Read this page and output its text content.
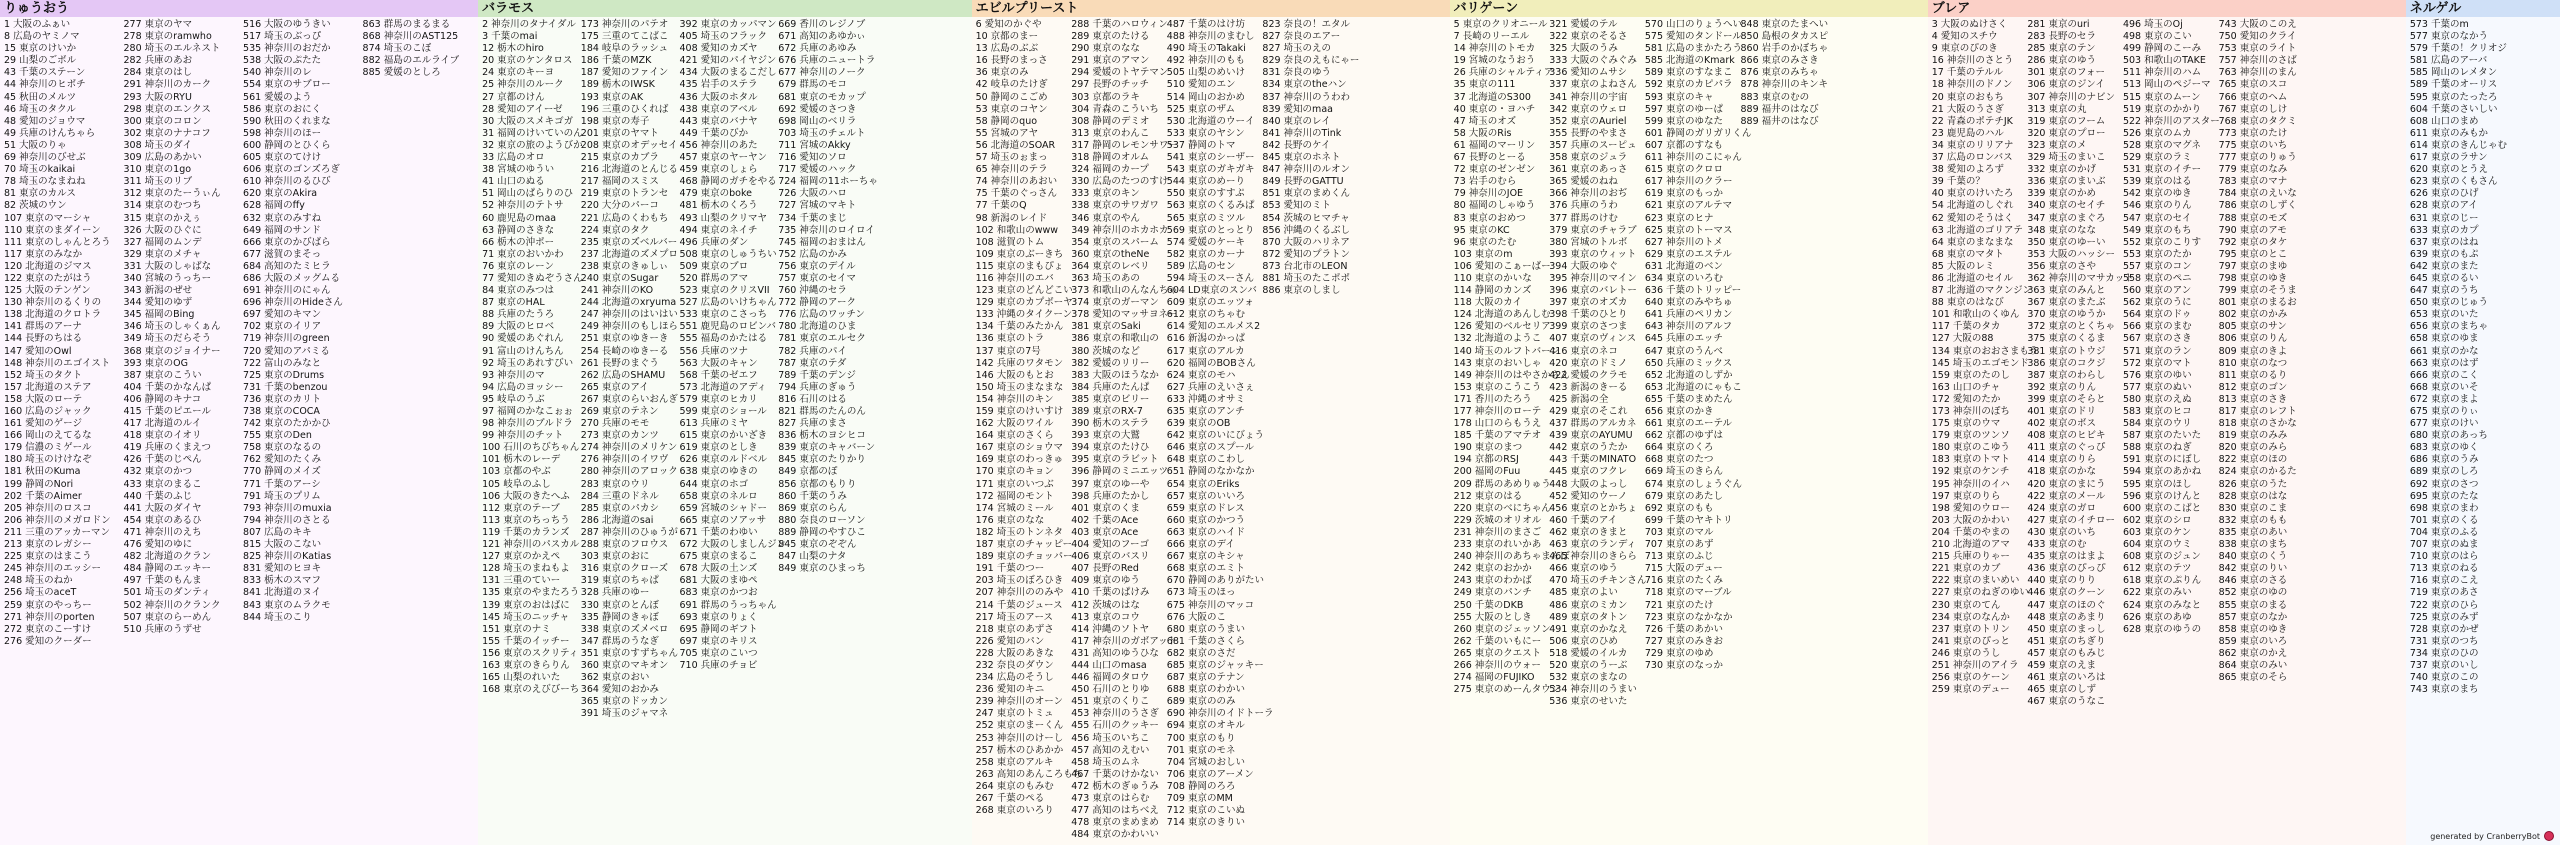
りゅうおう
1 大阪のふぁい
8 広島のヤミノマ
15 東京のけいか
29 山梨のごボル
43 千葉のステーン
44 神奈川のヒボチ
45 秋田のメルツ
46 埼玉のタクル
48 愛知のジョウマ
49 兵庫のけんちゃら
51 大阪のりゃ
69 神奈川のびせぶ
70 埼玉のkaikai
78 埼玉のなまねね
81 東京のカルス
82 茨城のウン
107 東京のマーシャ
110 東京のまダイーン
111 東京のしゃんとろう
117 東京のみなか
120 北海道のジマス
122 東京のたがはう
125 大阪のテンゲン
130 神奈川のるくりの
138 北海道のクロトラ
141 群馬のアーナ
144 長野のちはる
147 愛知のOwl
148 神奈川のエゴイスト
152 埼玉のタクト
157 北海道のステア
158 大阪のローテ
160 広島のジャック
161 愛知のゲージ
166 岡山のえてるな
179 信濃のミゲール
180 埼玉のけけなぞ
181 秋田のKuma
199 静岡のNori
202 千葉のAimer
205 神奈川のロスコ
206 神奈川のメガロドン
211 三重のアッカーマン
213 東京のレガシー
225 東京のはまこう
245 神奈川のエッシー
248 埼玉のねか
256 埼玉のaceT
259 東京のやっちー
271 神奈川のporten
272 東京のこーすけ
276 愛知のクーダー
277 東京のヤマ
278 東京のramwho
280 埼玉のエルネスト
282 兵庫のあお
284 東京のはし
291 神奈川のカーク
293 大阪のRYU
298 東京のエンクス
300 東京のコロン
302 東京のナナコフ
308 埼玉のダイ
309 広島のあかい
310 東京の1go
311 埼玉のリブ
312 東京のたーうぃん
314 東京のむつち
315 東京のかえぅ
326 大阪のひぐに
327 福岡のムンデ
329 東京のメチャ
331 大阪のしゃばな
340 宮城のうっちー
343 新潟のぜせ
344 愛知のゆず
345 福岡のBing
346 埼玉のしゃくぁん
349 埼玉のだらそう
368 東京のジョイナー
393 東京のOG
387 東京のこうい
404 千葉のかなんぱ
406 静岡のキナコ
415 千葉のピエール
417 北海道のルイ
418 東京のイオリ
419 兵庫のくまえつ
426 千葉のじぺん
432 東京のかつ
433 東京のまるこ
440 千葉のふじ
441 大阪のダイヤ
454 東京のあるひ
471 神奈川のえち
476 愛知のゆに
482 北海道のクラン
484 静岡のエッキー
497 千葉のもんま
501 埼玉のダンティ
502 神奈川のクランク
507 東京のらーめん
510 兵庫のうずせ
516 大阪のゆうきい
517 埼玉のぶっぴ
535 神奈川のおだか
538 大阪のぷたた
540 神奈川のレ
554 東京のサブロー
561 愛媛のよう
586 東京のおにく
590 秋田のくれまな
598 神奈川のほー
600 静岡のとひくら
605 東京のてけけ
606 東京のゴンズろぎ
610 神奈川のるひび
620 東京のAkira
628 福岡のffy
632 東京のみすね
649 福岡のサンド
666 東京のかびばら
677 滋賀のまそっ
684 高知のたミヒラ
686 大阪のメッグムる
691 神奈川のにゃん
696 神奈川のHideさん
697 愛知のキマン
702 東京のイリア
719 神奈川のgreen
720 愛知のアパミる
722 富山のみなと
725 東京のDrums
731 千葉のbenzou
736 東京のカリト
738 東京のCOCA
742 東京のたかかひ
755 東京のDen
758 東京のなるの
762 愛知のたくみ
770 静岡のメイズ
771 千葉のアーシ
791 埼玉のプリム
793 神奈川のmuxia
794 神奈川のさとる
807 広島のキキ
815 大阪のこない
825 神奈川のKatias
831 愛知のヒヨキ
833 栃木のスマフ
841 北海道のヌイ
843 東京のムラクモ
844 埼玉のこり
863 群馬のまるまる
868 神奈川のAST125
874 埼玉のこぼ
882 福島のエルライブ
885 愛媛のとしろ
バラモス
2 神奈川のタナイダル
3 千葉のmai
12 栃木のhiro
20 東京のケンタロス
24 東京のキーヨ
25 神奈川のルーク
27 京都のけん
28 愛知のアイーゼ
30 大阪のスメキゴガ
31 福岡のけいていのん
32 東京の旅のようびか
33 広島のオロ
38 宮城のゆうい
41 山口のぬる
51 岡山のぱらりのひ
52 神奈川のテトサ
60 鹿児島のmaa
63 静岡のさきな
66 栃木の沖ポー
71 東京のおいかわ
76 東京のレーン
77 愛知のきぬぞうさん
84 東京のみつは
87 東京のHAL
88 兵庫のたうろ
89 大阪のヒロベ
90 愛媛のあぐれん
91 富山のけんちん
92 埼玉のあれすびい
93 神奈川のマ
94 広島のヨッシー
95 岐阜のうぶ
97 福岡のかなこぉぉ
98 神奈川のブルドラ
99 神奈川のチット
100 石川のちびちゃん
101 栃木のレーデ
103 京都のやぶ
105 岐阜のふし
106 大阪のきたへふ
112 東京のテーブ
113 東京のちっちう
119 千葉のカランズ
121 神奈川のパスカル
127 東京のかえぺ
128 埼玉のまねもよ
131 三重のていー
135 東京のやまたろう
139 東京のおはばに
145 埼玉のニッチャ
151 東京のナミ
155 千葉のイッチー
156 東京のスクリティ
163 東京のきらりん
165 山梨のれいた
168 東京のえびびーち
173 神奈川のパテオ
175 三重のてこばこ
184 岐阜のラッシュ
186 千葉のMZK
187 愛知のファイン
189 栃木のIWSK
193 東京のAK
196 三重のひくれば
198 東京の寿子
201 東京のヤマト
208 東京のオデッセイ
215 東京のカブラ
216 北海道のとんじる
217 福岡のスミス
219 東京のトランセ
220 大分のパーコ
221 広島のくわもち
224 東京のタク
235 東京のズベルバー
237 北海道のズメプロ
238 東京のきゅしぃ
240 東京のSugar
241 神奈川のKO
244 北海道のxryuma
247 神奈川のはいはい
249 神奈川のもしほら
251 東京のゆきーき
254 長崎のゆきーる
261 長野のまぐう
262 広島のSHAMU
265 東京のアイ
267 東京のらいおんぎ
269 東京のテネン
270 兵庫のモモ
273 東京のカンツ
274 神奈川のメリケン
276 神奈川のイワヴ
280 神奈川のアロック
283 東京のウリ
284 三重のドネル
285 東京のパカシ
286 北海道のsai
287 神奈川のひゅうが
288 東京のフロウス
303 東京のおに
316 東京のクローズ
319 東京のちゃぱ
328 兵庫のゆー
330 東京のとんぼ
335 静岡のきゃぼ
338 東京のズメベロ
347 群馬のうなぎ
351 東京のすずちゃん
360 東京のマキオン
362 東京のおい
364 愛知のおかみ
365 東京のドッカン
391 埼玉のジャマネ
392 東京のカッパマン
405 埼玉のフラック
408 愛知のカズヤ
421 愛知のパイヤジン
434 大阪のまるこだし
435 岩手のステラ
436 大阪のホタル
438 東京のアベル
443 東京のバナヤ
449 千葉のびか
456 神奈川のあた
457 東京のヤーヤン
459 東京のしょら
468 静岡のガチをやる
479 東京のboke
481 栃木のくろう
493 山梨のクリマヤ
494 東京のネイチ
496 兵庫のダン
508 東京のしゅうちい
509 東京のブロ
520 群馬のアマ
523 東京のクリスVII
527 広島のいけちゃん
533 東京のこさっち
551 鹿児島のロビンバ
555 福島のかたはる
556 兵庫のツナ
563 大阪のキャン
568 千葉のゼエフ
573 北海道のアディ
579 東京のヒカリ
599 東京のショール
613 兵庫のミヤ
615 東京のかいざき
619 東京のとしき
626 東京のルドベル
638 東京のゆきの
644 東京のホゴ
658 東京のネルロ
659 宮城のシャドー
665 東京のソアッサ
671 千葉のわゆい
672 大阪のしましんジン
675 東京のまるこ
678 大阪の土ンズ
681 大阪のまゆぺ
683 東京のかつお
691 群馬のうっちゃん
693 東京のりょく
695 静岡のギフト
697 東京のキリス
705 東京のこいつ
710 兵庫のチョビ
669 香川のレジノブ
671 高知のあゆかぃ
672 兵庫のあゆみ
676 兵庫のニュートラ
677 神奈川のノーク
679 群馬のモコ
681 東京のモカップ
692 愛媛のさつき
698 岡山のベリラ
703 埼玉のチェルト
711 宮城のAkky
716 愛知のソロ
717 愛媛のハック
724 福岡の11ホーちゃ
726 大阪のハロ
727 宮城のマキト
734 千葉のまじ
735 神奈川のロイロイ
745 福岡のおまはん
752 広島のかみ
756 東京のデイル
757 東京のセイマ
760 沖縄のセラ
772 静岡のアーク
776 広島のワッチン
780 北海道のひま
781 東京のエルセク
782 兵庫のパイ
787 東京のテダ
789 千葉のデンジ
794 兵庫のぎゅう
816 石川のはる
821 群馬のたんのん
827 兵庫のまさ
836 栃木のヨシヒコ
839 東京のキャバーン
845 東京のたりかり
849 京都のぽ
856 京都のもりり
860 千葉のうみ
869 東京のらん
880 奈良のローソン
889 静岡のやすひこ
845 東京のぞぞん
847 山梨のナタ
849 東京のひまっち
エビルプリースト
6 愛知のかぐや
10 京都のまー
13 広島のぶぶ
16 長野のまっさ
36 東京のみ
42 岐阜のたけぎ
50 静岡のこごめ
53 東京のコヤン
58 静岡のquo
55 宮城のアヤ
56 北海道のSOAR
57 埼玉のぉまっ
65 神奈川のテラ
74 神奈川のあおい
75 千葉のぐっさん
77 千葉のQ
98 新潟のレイド
102 和歌山のwww
108 滋賀のトム
109 東京のぶーきち
115 東京のまもぴょ
116 神奈川のエバ
123 東京のどんどこい
129 東京のカプボーヤ
133 沖縄のタイクーン
134 千葉のみたかん
136 東京のトラ
137 東京の7号
142 兵庫のワタモン
146 大阪のもとお
150 埼玉のまなまな
154 神奈川のキン
159 東京のけいすけ
162 大阪のワイル
164 東京のさくら
167 東京のショウマ
169 東京のわっきゅ
170 東京のキョン
171 東京のいつぶ
172 福岡のモント
174 宮城のミール
176 東京のなな
182 埼玉のトンネタ
187 東京のチャッピー
189 東京のチョッパー
191 千葉のつー
203 埼玉のぼろひき
207 神奈川ののみや
214 千葉のジュース
217 埼玉のアース
218 東京のあずさ
226 愛知のパン
228 大阪のあきな
232 奈良のダウン
234 広島のそうし
236 愛知のキニ
239 神奈川のオーン
247 東京のトミュ
252 東京のまーくん
253 神奈川のけーし
257 栃木のひあかか
258 東京のアルキ
263 高知のあんころもち
264 東京のもみむ
267 千葉のぺる
268 東京のいろり
288 千葉のハロウィン
289 東京のたける
290 東京のなな
291 東京のアマン
294 愛媛のトヤテマン
297 長野のチッチ
303 京都のラキ
304 青森のこういち
308 静岡のデミオ
313 東京のわんこ
317 静岡のレモンサワー
318 静岡のオルム
324 福岡のカープ
330 広島のたつのすけ
333 東京のキン
338 東京のサワガワ
346 東京のやん
349 神奈川のホカホカ
354 東京のスパーム
360 東京のtheNe
364 東京のレベリ
363 埼玉のあの
373 和歌山のんなんちゃ
374 東京のガーマン
378 愛知のマッサヨネー
381 東京のSaki
386 東京の和歌山の
380 茨城のなど
382 愛媛のリリー
383 大阪のほうなか
384 兵庫のたんぱ
385 東京のビリー
389 東京のRX-7
390 栃木のステラ
393 東京の大鷲
394 東京のたけひ
395 東京のラビット
396 静岡のミニエッツ
397 東京のゆーや
398 兵庫のたかし
401 東京のくま
402 千葉のAce
403 東京のAce
404 愛知のフーゴ
406 東京のバスリ
407 長野のRed
409 東京のゆう
410 千葉のぱけみ
412 茨城のはな
413 東京のコウ
414 沖縄のソトヤ
417 神奈川のガボアット
431 高知のゆうひな
444 山口のmasa
446 福岡のタロウ
450 石川のとりゆ
451 東京のくりこ
453 神奈川のうさぎ
455 石川のクッキー
456 埼玉のいちこ
457 高知のえむい
458 埼玉のムネ
467 千葉のけかない
472 栃木のぎゅうみ
473 東京のはらむ
477 高知のはちべえ
478 東京のまめまめ
484 東京のかわいい
487 千葉のはけ坊
488 神奈川のまむし
490 埼玉のTakaki
492 神奈川のもも
505 山梨のめいけ
510 愛知のエン
514 岡山のおかめ
525 東京のザム
530 北海道のウーイ
533 東京のヤシン
537 静岡のトマ
541 東京のシーザー
543 東京のガキガキ
544 東京のめーり
550 東京のすすぷ
563 東京のくるみぱ
565 東京のミツル
569 東京のとっとり
574 愛媛のケーキ
582 東京のカーナ
589 広島のセン
594 埼玉のスーさん
604 LD東京のスンバ
609 東京のエッツォ
612 東京のちゃむ
614 愛知のエルメス2
616 新潟のかっぱ
617 東京のアルカ
620 福岡のBOBさん
624 東京のモハ
627 兵庫のえいさぇ
633 沖縄のオサミ
635 東京のアンチ
639 東京のOB
642 東京のいにびょう
646 東京のスプール
648 東京のこわし
651 静岡のなかなか
654 東京のEriks
657 東京のいいろ
659 東京のドレス
660 東京のかつう
663 東京のハイド
666 東京のデイ
667 東京のキシャ
668 東京のエミト
670 静岡のありがたい
673 埼玉のほっ
675 神奈川のマッコ
676 大阪のこ
680 東京のうまい
681 千葉のさくら
682 東京のさだ
685 東京のジャッキー
687 東京のテナン
688 東京のわかい
689 東京ののみ
690 神奈川のイドトーラ
694 東京のオキル
700 東京のもり
701 東京のモネ
704 宮城のおしい
706 東京のアーメン
708 静岡のろろ
709 東京のMM
712 東京のこいぬ
714 東京のきりい
823 奈良の！エタル
827 奈良のエアー
827 埼玉のえの
829 奈良のえもにゃー
831 奈良のゆう
834 東京のtheハン
837 神奈川のうわわ
839 愛知のmaa
840 東京のレイ
841 神奈川のTink
842 長野のケイ
845 東京のホネト
847 神奈川のルオン
849 長野のGATTU
851 東京のまめくん
853 愛知のミト
854 茨城のヒマチャ
856 沖縄のくるぶし
870 大阪のハリネア
872 愛知のプラトン
873 台北市のLEON
881 埼玉のたこポポ
886 東京のしまし
バリゲーン
5 東京のクリオニール
7 長崎のリーエル
14 神奈川のトモカ
19 宮城のなうおう
26 兵庫のシャルティア
35 東京の111
37 北海道のS300
40 東京の・ヨハチ
47 埼玉のオズ
58 大阪のRis
61 福岡のマーリン
67 長野のとーる
72 東京のゼンゼン
73 岩手のむら
79 神奈川のJOE
80 福岡のしゃゆう
83 東京のおめつ
95 東京のKC
96 東京のたむ
103 東京のm
106 愛知のこぁーばー
110 東京のかいな
114 静岡のカンズ
118 大阪のカイ
124 北海道のあんしむ
126 愛知のベルセリア
132 北海道のようこ
140 埼玉のルフトバーン
143 東京のおいしゃ
149 神奈川のはやさかさん
153 東京のこうこう
171 香川のたろう
177 神奈川のローテ
178 山口のらもうえ
185 千葉のアマテオ
190 東京のまつ
194 京都のRSJ
200 福岡のFuu
209 群馬のあめりゅう
212 東京のはる
220 東京のべにちゃん
229 茨城のオリオル
231 神奈川のまさご
233 東京のれいかあ
240 神奈川のあちゃまんぼ
242 東京のおかか
243 東京のわかば
249 東京のパンチ
250 千葉のDKB
255 大阪のとしき
260 東京のジェッソン
262 千葉のいもにー
265 東京のクエスト
266 神奈川のウォー
274 福岡のFUJIKO
275 東京のめーんタウン
321 愛媛のテル
322 東京のそるさ
325 大阪のうみ
333 大阪のぐみぐみ
336 愛知のムサシ
337 東京のよねさん
341 神奈川の宇宙
342 東京のウェロ
352 東京のAuriel
355 長野のやまさ
357 兵庫のスーピュ
358 東京のジュラ
361 東京のあっさ
365 愛媛のねね
366 神奈川のおぢ
376 兵庫のうわ
377 群馬のけむ
379 東京のチャラブ
380 宮城のトルボ
393 東京のウィット
394 大阪のゆぐ
395 神奈川のマイン
396 東京のバレトー
397 東京のオズカ
398 千葉のひとり
399 東京のさつま
407 東京のヴィンス
416 東京のネコ
420 東京のドミノ
422 愛媛のクラモ
423 新潟のきーる
425 新潟の全
429 東京のそこれ
437 群馬のアルカネ
439 東京のAYUMU
442 東京のうたか
443 千葉のMINATO
445 東京のフクレ
448 大阪のよっし
452 愛知のウーノ
456 東京のとかちょ
460 千葉のアイ
462 東京のきまと
463 東京のランディ
465 神奈川のきらら
466 東京のゆう
470 埼玉のチキンさん
485 東京のよい
486 東京のミカン
489 東京のタトン
491 東京のかなえ
506 東京のひめ
518 愛媛のイルカ
520 東京のうーぶ
532 東京のまなの
534 神奈川のうまい
536 東京のせいた
570 山口のりょうへい
575 愛知のタンドール
581 広島のまかたろう
585 北海道のKmark
589 東京のすなまこ
592 東京のカピパラ
593 東京のキャ
597 東京のゆーぱ
599 東京のゆなた
601 静岡のガリガリくん
607 京都のすなも
611 神奈川のこにゃん
615 東京のクロロ
617 神奈川のクラー
619 東京のもっか
621 東京のアルテマ
623 東京のヒナ
625 東京のトーマス
627 神奈川のトメ
629 東京のエステル
631 北海道のベン
634 東京のいろむ
636 千葉のトリッピー
640 東京のみやちゅ
641 兵庫のペリカン
643 神奈川のアルフ
645 兵庫のエッチ
647 東京のうんべ
650 兵庫のミックス
652 北海道のしずか
653 北海道のにゃもこ
655 千葉のまめたん
656 東京のかき
661 東京のエーテル
662 京都のゆずは
664 東京のくろ
668 東京のたつ
669 埼玉のきらん
674 東京のしょうぐん
679 東京のあたし
692 東京のもも
699 千葉のヤキトリ
703 東京のマル
707 東京のあず
713 東京のふじ
715 大阪のデュー
716 東京のたくみ
718 東京のマーブル
721 東京のたけ
723 東京のなかなか
726 千葉のあかい
727 東京のみきお
729 東京のゆめ
730 東京のなっか
848 東京のたまへい
850 島根のタカスピ
860 岩手のかぼちゃ
866 東京のみさき
876 東京のみちゃ
878 神奈川のキンキ
883 東京のむの
889 福井のはなび
889 福井のはなび
ブレア
3 大阪のぬけさく
4 愛知のスチウ
9 東京のぴのき
16 神奈川のさとう
17 千葉のテルル
18 神奈川のドノン
20 東京のおもち
21 大阪のうさぎ
22 青森のポテチJK
23 鹿児島のハル
34 東京のリリアナ
37 広島のロンバス
38 愛知のよろず
39 千葉の？
40 東京のけいたろ
54 北海道のしぐれ
62 愛知のそうはく
63 北海道のゴリアテ
64 東京のまなまな
68 東京のマタト
85 大阪のレミ
86 北海道のセイル
87 北海道のマクンジン
88 東京のはなび
101 和歌山のくゆん
117 千葉のタカ
127 大阪の88
134 東京のおおさまもう
145 埼玉のエゴモンド
159 東京のたのし
163 山口のチャ
172 愛知のたか
173 神奈川のぽち
175 東京のウマ
179 東京のツンソ
180 東京のこゆう
183 東京のトマト
192 東京のケンチ
195 神奈川のイハ
197 東京のりら
198 愛知のウロー
203 大阪のかわい
204 千葉のやまの
210 北海道のアマ
215 兵庫のりゃー
221 東京のカブ
222 東京のまいめい
227 東京のねぎのゆい
230 東京のてん
234 東京のなんか
237 東京のトリン
241 東京のぴっと
246 東京のうし
251 神奈川のアイラ
256 東京のケーン
259 東京のデュー
281 東京のuri
283 長野のセラ
285 東京のテン
286 東京のゆう
301 東京のフォー
306 東京のジンイ
307 神奈川のナビン
313 東京の丸
319 東京のフーム
320 東京のプロー
323 東京のメ
329 埼玉のまいこ
332 東京のかげ
336 東京のまいぶ
339 東京のかめ
340 東京のセイチ
347 東京のまぐろ
348 東京のなな
350 東京のゆーい
353 大阪のハッシー
356 東京のさや
362 神奈川のマサカット
363 東京のみんと
367 東京のまたぶ
370 東京のゆうか
372 東京のとくちゃ
375 東京のくるま
381 東京のトウジ
386 東京のコクジ
387 東京のわらし
392 東京のりん
399 東京のそらと
401 東京のドリ
402 東京のボス
408 東京のヒビキ
411 東京のぐっぴ
414 東京のりら
418 東京のかな
420 東京のまにう
422 東京のメール
424 東京のガロ
427 東京のイチロー
430 東京のいち
433 東京のむ
435 東京のはまよ
436 東京のぴっぴ
440 東京のりり
446 東京のクーン
447 東京のほのぐ
448 東京のあまり
450 東京のまっし
451 東京のちぎり
457 東京のもみじ
459 東京のえま
461 東京のいろは
465 東京のしず
467 東京のうなこ
496 埼玉のOj
498 東京のこい
499 静岡のこーみ
503 和歌山のTAKE
511 神奈川のハム
513 岡山のペジーマ
515 東京のムーン
519 東京のかかり
522 神奈川のアスター
526 東京のムカ
528 東京のマグネ
529 東京のラミ
531 東京のイチー
539 東京のはる
542 東京のゆき
546 東京のりん
547 東京のセイ
549 東京のもち
552 東京のこりす
553 東京のたか
557 東京のコン
558 東京のペニ
560 東京のアン
562 東京のうに
564 東京のドゥ
566 東京のまむ
567 東京のさき
571 東京のラン
572 東京のマト
576 東京のゆい
577 東京のぬい
580 東京のえぬ
583 東京のヒコ
584 東京のウリ
587 東京のたいた
588 東京のねぎ
591 東京のにぼし
594 東京のあかね
595 東京のほし
596 東京のけんと
600 東京のこばと
602 東京のシロ
603 東京のケン
604 東京のウミ
608 東京のジュン
612 東京のテツ
618 東京のぷりん
622 東京のみい
624 東京のみなと
626 東京のあゆ
628 東京のゆうの
743 大阪のこのえ
750 愛知のクライ
753 東京のライト
757 神奈川のさば
763 神奈川のまん
765 東京のスコ
766 東京のヘム
767 東京のしけ
768 東京のタクミ
773 東京のたけ
775 東京のいち
777 東京のりゅう
779 東京のなみ
783 東京のマナ
784 東京のえいな
786 東京のしずく
788 東京のモズ
790 東京のアモ
792 東京のタケ
795 東京のとこ
797 東京のまゆ
798 東京のゆき
799 東京のそうま
801 東京のまるお
802 東京のかみ
805 東京のサン
806 東京のりん
809 東京のきよ
810 東京のなつ
811 東京のるり
812 東京のゴン
813 東京のさき
817 東京のレフト
818 東京のさかな
819 東京のみみ
820 東京のみら
822 東京のほの
824 東京のかるた
826 東京のうた
828 東京のはな
830 東京のこま
832 東京のもも
835 東京のあい
838 東京のまち
840 東京のくう
842 東京のりい
846 東京のさる
852 東京のゆの
855 東京のまる
857 東京のなか
858 東京のゆき
859 東京のいろ
862 東京のかえ
864 東京のみい
865 東京のそら
ネルゲル
573 千葉のm
577 東京のなかう
579 千葉の！クリオジ
581 広島のアーバ
585 岡山のレメタン
589 千葉のオーリス
595 東京のたったろ
604 千葉のさいしい
608 山口のまめ
611 東京のみもか
614 東京のきんじゃむ
617 東京のラサン
620 東京のとうえ
623 東京のくもさん
626 東京のひげ
628 東京のアイ
631 東京のじー
633 東京のカプ
637 東京のはね
639 東京のもぷ
642 東京のまた
645 東京のるい
647 東京のうち
650 東京のじゅう
653 東京のいた
656 東京のまちゃ
658 東京のゆま
661 東京のかな
663 東京のはず
666 東京のこく
668 東京のいそ
672 東京のまよ
675 東京のりぃ
677 東京のけい
680 東京のあっち
683 東京のゆく
686 東京のうみ
689 東京のしろ
692 東京のさつ
695 東京のたな
698 東京のまわ
701 東京のくる
704 東京のふる
707 東京のぬま
710 東京のはら
713 東京のねる
716 東京のこえ
719 東京のあさ
722 東京のひら
725 東京のみず
728 東京のかぜ
731 東京のつち
734 東京のひの
737 東京のいし
740 東京のこの
743 東京のまち
generated by CranberryBot
